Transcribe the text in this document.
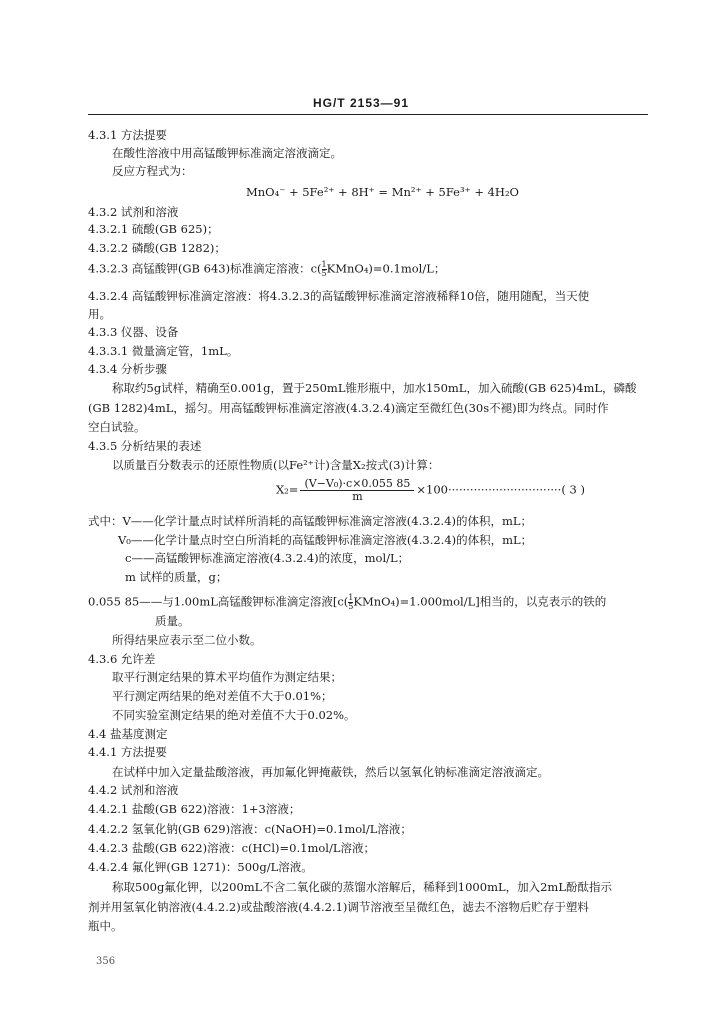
HG/T 2153—91
4.3.1 方法提要
在酸性溶液中用高锰酸钾标准滴定溶液滴定。
反应方程式为：
MnO₄⁻ + 5Fe²⁺ + 8H⁺ = Mn²⁺ + 5Fe³⁺ + 4H₂O
4.3.2 试剂和溶液
4.3.2.1 硫酸(GB 625)；
4.3.2.2 磷酸(GB 1282)；
4.3.2.3 高锰酸钾(GB 643)标准滴定溶液：$c( \frac{1}{5}$ KMnO₄)=0.1mol/L；
4.3.2.4 高锰酸钾标准滴定溶液：将4.3.2.3的高锰酸钾标准滴定溶液稀释10倍，随用随配，当天使
用。
4.3.3 仪器、设备
4.3.3.1 微量滴定管，1mL。
4.3.4 分析步骤
称取约5g试样，精确至0.001g，置于250mL锥形瓶中，加水150mL，加入硫酸(GB 625)4mL，磷酸
(GB 1282)4mL，摇匀。用高锰酸钾标准滴定溶液(4.3.2.4)滴定至微红色(30s不褪)即为终点。同时作
空白试验。
4.3.5 分析结果的表述
以质量百分数表示的还原性物质(以Fe²⁺计)含量X₂按式(3)计算：
$X_2= \frac{\text{(V−V₀)·c×0.055 85}}{m} \times 100\cdot\cdot\cdot\cdot\cdot\cdot\cdot\cdot\cdot\cdot\cdot\cdot\cdot\cdot\cdot\cdot\cdot\cdot\cdot\cdot\cdot\cdot\cdot\cdot\cdot\cdot\cdot\cdot\cdot\cdot\cdot$( 3 )
式中：V——化学计量点时试样所消耗的高锰酸钾标准滴定溶液(4.3.2.4)的体积，mL；
V₀——化学计量点时空白所消耗的高锰酸钾标准滴定溶液(4.3.2.4)的体积，mL；
c——高锰酸钾标准滴定溶液(4.3.2.4)的浓度，mol/L；
m 试样的质量，g；
0.055 85——与1.00mL高锰酸钾标准滴定溶液[$c( \frac{1}{5}$ KMnO₄)=1.000mol/L]相当的，以克表示的铁的
质量。
所得结果应表示至二位小数。
4.3.6 允许差
取平行测定结果的算术平均值作为测定结果；
平行测定两结果的绝对差值不大于0.01%；
不同实验室测定结果的绝对差值不大于0.02%。
4.4 盐基度测定
4.4.1 方法提要
在试样中加入定量盐酸溶液，再加氟化钾掩蔽铁，然后以氢氧化钠标准滴定溶液滴定。
4.4.2 试剂和溶液
4.4.2.1 盐酸(GB 622)溶液：1+3溶液；
4.4.2.2 氢氧化钠(GB 629)溶液：c(NaOH)=0.1mol/L溶液；
4.4.2.3 盐酸(GB 622)溶液：c(HCl)=0.1mol/L溶液；
4.4.2.4 氟化钾(GB 1271)：500g/L溶液。
称取500g氟化钾，以200mL不含二氧化碳的蒸馏水溶解后，稀释到1000mL，加入2mL酚酞指示
剂并用氢氧化钠溶液(4.4.2.2)或盐酸溶液(4.4.2.1)调节溶液至呈微红色，滤去不溶物后贮存于塑料
瓶中。
356
